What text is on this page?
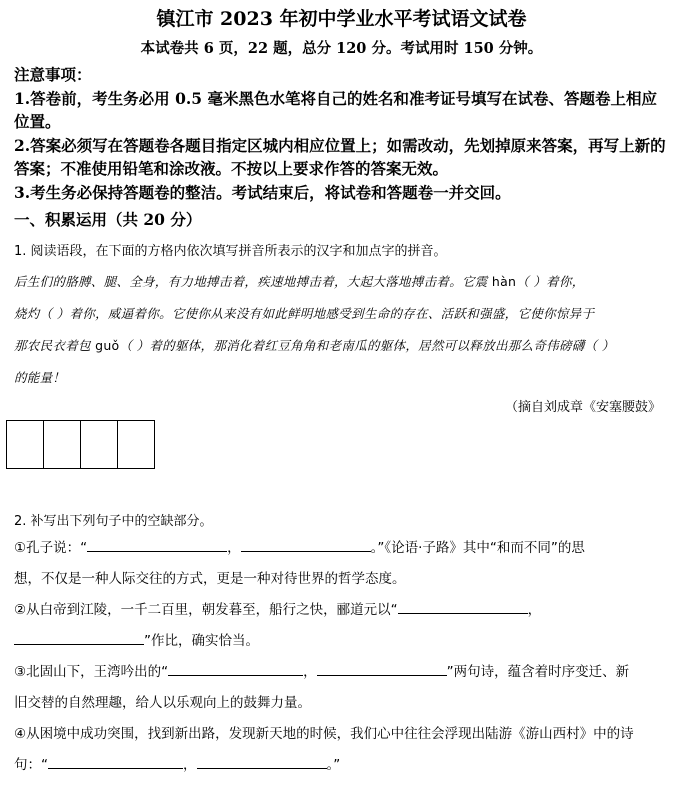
镇江市 2023 年初中学业水平考试语文试卷
本试卷共 6 页，22 题，总分 120 分。考试用时 150 分钟。

注意事项：

1.答卷前，考生务必用 0.5 毫米黑色水笔将自己的姓名和准考证号填写在试卷、答题卷上相应位置。

2.答案必须写在答题卷各题目指定区城内相应位置上；如需改动，先划掉原来答案，再写上新的答案；不准使用铅笔和涂改液。不按以上要求作答的答案无效。

3.考生务必保持答题卷的整洁。考试结束后，将试卷和答题卷一并交回。

一、积累运用（共 20 分）
1. 阅读语段，在下面的方格内依次填写拼音所表示的汉字和加点字的拼音。

后生们的胳膊、腿、全身，有力地搏击着，疾速地搏击着，大起大落地搏击着。它震 hàn（ ）着你，

烧灼（ ）着你，威逼着你。它使你从来没有如此鲜明地感受到生命的存在、活跃和强盛，它使你惊异于

那农民衣着包 guǒ（ ）着的躯体，那消化着红豆角角和老南瓜的躯体，居然可以释放出那么奇伟磅礴（ ）

的能量！

（摘自刘成章《安塞腰鼓》
2. 补写出下列句子中的空缺部分。

①孔子说：“	，	。”《论语·子路》其中“和而不同”的思

想，不仅是一种人际交往的方式，更是一种对待世界的哲学态度。

②从白帝到江陵，一千二百里，朝发暮至，船行之快，郦道元以“	，

”作比，确实恰当。

③北固山下，王湾吟出的“	，	”两句诗，蕴含着时序变迁、新

旧交替的自然理趣，给人以乐观向上的鼓舞力量。

④从困境中成功突围，找到新出路，发现新天地的时候，我们心中往往会浮现出陆游《游山西村》中的诗

句：“	，	。”
